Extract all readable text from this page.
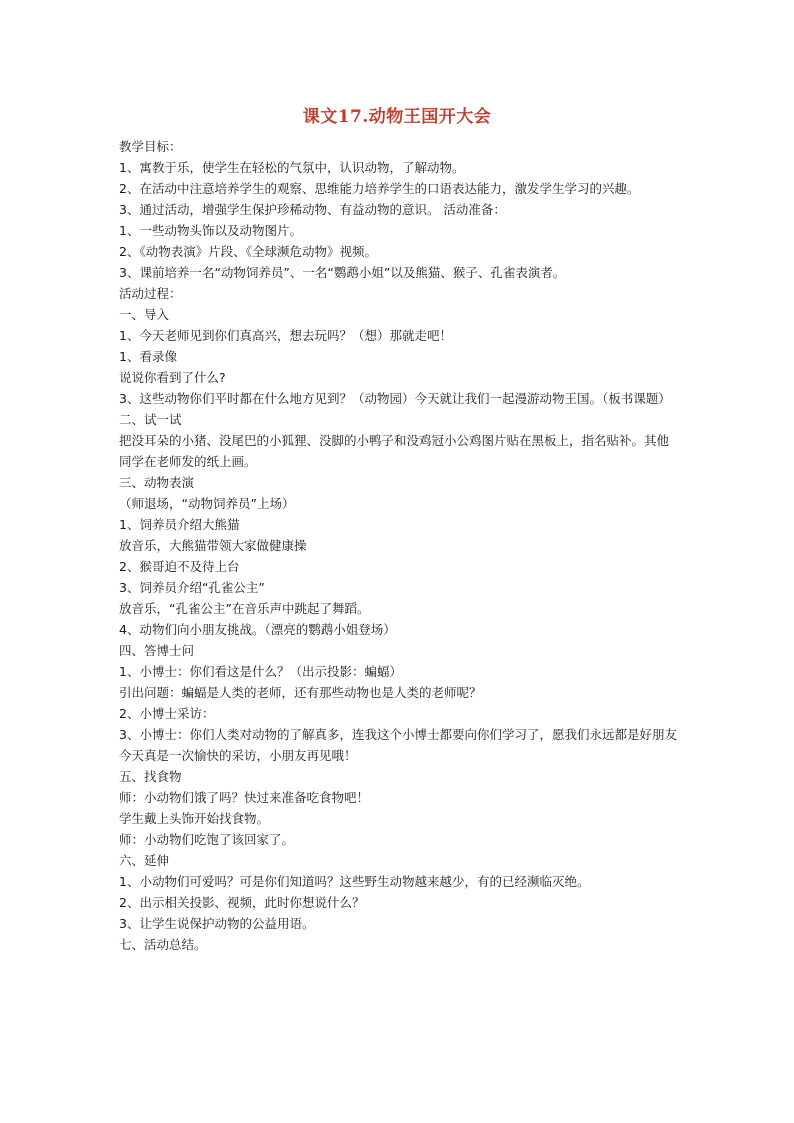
课文17.动物王国开大会

教学目标：

1、寓教于乐，使学生在轻松的气氛中，认识动物，了解动物。

2、在活动中注意培养学生的观察、思维能力培养学生的口语表达能力，激发学生学习的兴趣。

3、通过活动，增强学生保护珍稀动物、有益动物的意识。 活动准备：

1、一些动物头饰以及动物图片。

2、《动物表演》片段、《全球濒危动物》视频。

3、课前培养一名“动物饲养员”、一名“鹦鹉小姐”以及熊猫、猴子、孔雀表演者。

活动过程：

一、导入

1、今天老师见到你们真高兴，想去玩吗？（想）那就走吧！

1、看录像

说说你看到了什么?

3、这些动物你们平时都在什么地方见到？（动物园）今天就让我们一起漫游动物王国。（板书课题）

二、试一试

把没耳朵的小猪、没尾巴的小狐狸、没脚的小鸭子和没鸡冠小公鸡图片贴在黑板上，指名贴补。其他同学在老师发的纸上画。

三、动物表演

（师退场，“动物饲养员”上场）

1、饲养员介绍大熊猫

放音乐，大熊猫带领大家做健康操

2、猴哥迫不及待上台

3、饲养员介绍“孔雀公主”

放音乐，“孔雀公主”在音乐声中跳起了舞蹈。

4、动物们向小朋友挑战。（漂亮的鹦鹉小姐登场）

四、答博士问

1、小博士：你们看这是什么？（出示投影：蝙蝠）

引出问题：蝙蝠是人类的老师，还有那些动物也是人类的老师呢？

2、小博士采访：

3、小博士：你们人类对动物的了解真多，连我这个小博士都要向你们学习了，愿我们永远都是好朋友今天真是一次愉快的采访，小朋友再见哦！

五、找食物

师：小动物们饿了吗？快过来准备吃食物吧！

学生戴上头饰开始找食物。

师：小动物们吃饱了该回家了。

六、延伸

1、小动物们可爱吗？可是你们知道吗？这些野生动物越来越少，有的已经濒临灭绝。

2、出示相关投影、视频，此时你想说什么？

3、让学生说保护动物的公益用语。

七、活动总结。
